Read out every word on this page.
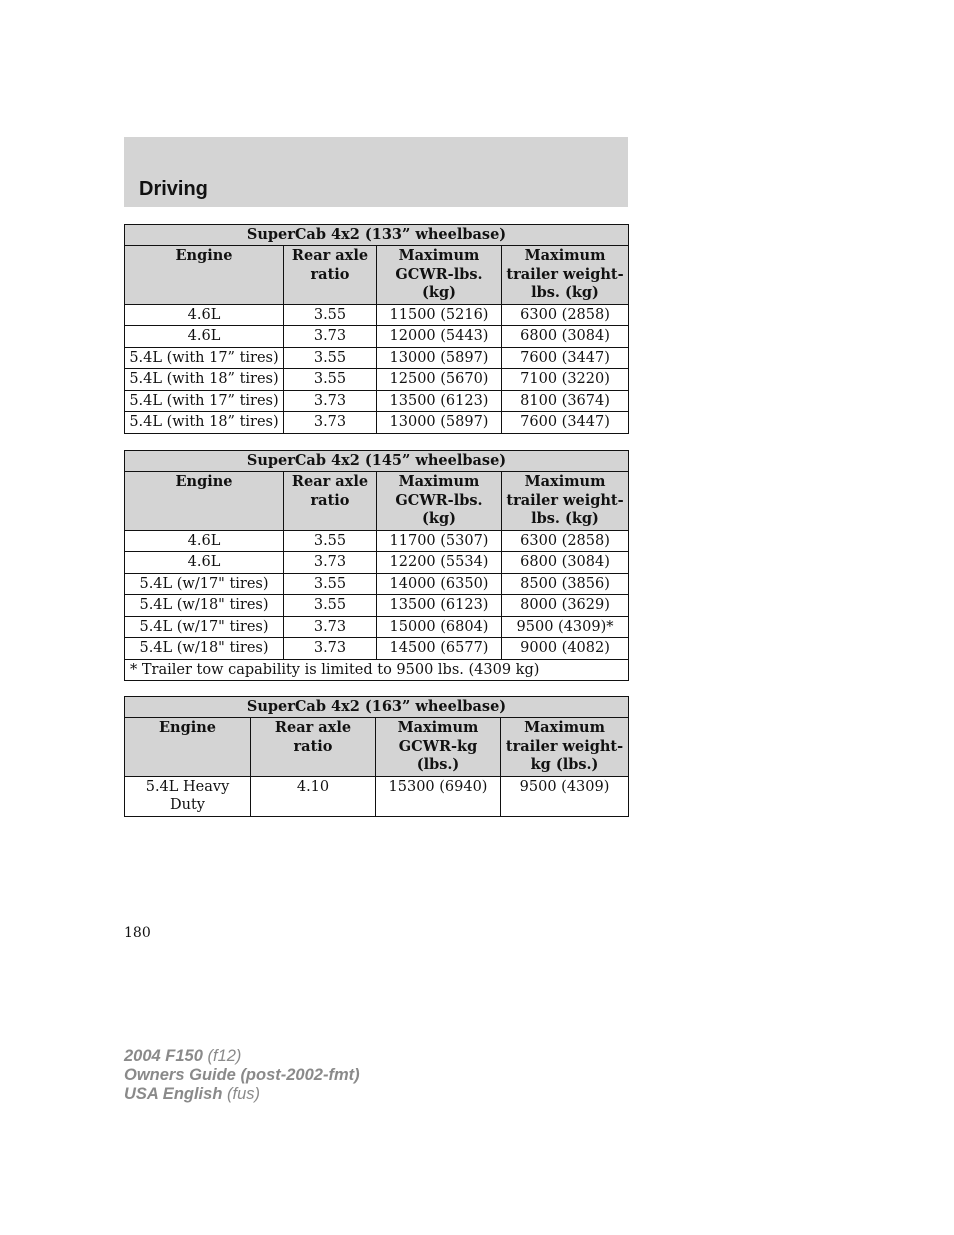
Driving
SuperCab 4x2 (133” wheelbase)			
Engine	Rear axle ratio	Maximum GCWR-lbs. (kg)	Maximum trailer weight-lbs. (kg)
4.6L	3.55	11500 (5216)	6300 (2858)
4.6L	3.73	12000 (5443)	6800 (3084)
5.4L (with 17” tires)	3.55	13000 (5897)	7600 (3447)
5.4L (with 18” tires)	3.55	12500 (5670)	7100 (3220)
5.4L (with 17” tires)	3.73	13500 (6123)	8100 (3674)
5.4L (with 18” tires)	3.73	13000 (5897)	7600 (3447)
SuperCab 4x2 (145” wheelbase)			
Engine	Rear axle ratio	Maximum GCWR-lbs. (kg)	Maximum trailer weight-lbs. (kg)
4.6L	3.55	11700 (5307)	6300 (2858)
4.6L	3.73	12200 (5534)	6800 (3084)
5.4L (w/17" tires)	3.55	14000 (6350)	8500 (3856)
5.4L (w/18" tires)	3.55	13500 (6123)	8000 (3629)
5.4L (w/17" tires)	3.73	15000 (6804)	9500 (4309)*
5.4L (w/18" tires)	3.73	14500 (6577)	9000 (4082)
* Trailer tow capability is limited to 9500 lbs. (4309 kg)			
SuperCab 4x2 (163” wheelbase)			
Engine	Rear axle ratio	Maximum GCWR-kg (lbs.)	Maximum trailer weight-kg (lbs.)
5.4L Heavy Duty	4.10	15300 (6940)	9500 (4309)
180
2004 F150 (f12)
Owners Guide (post-2002-fmt)
USA English (fus)
